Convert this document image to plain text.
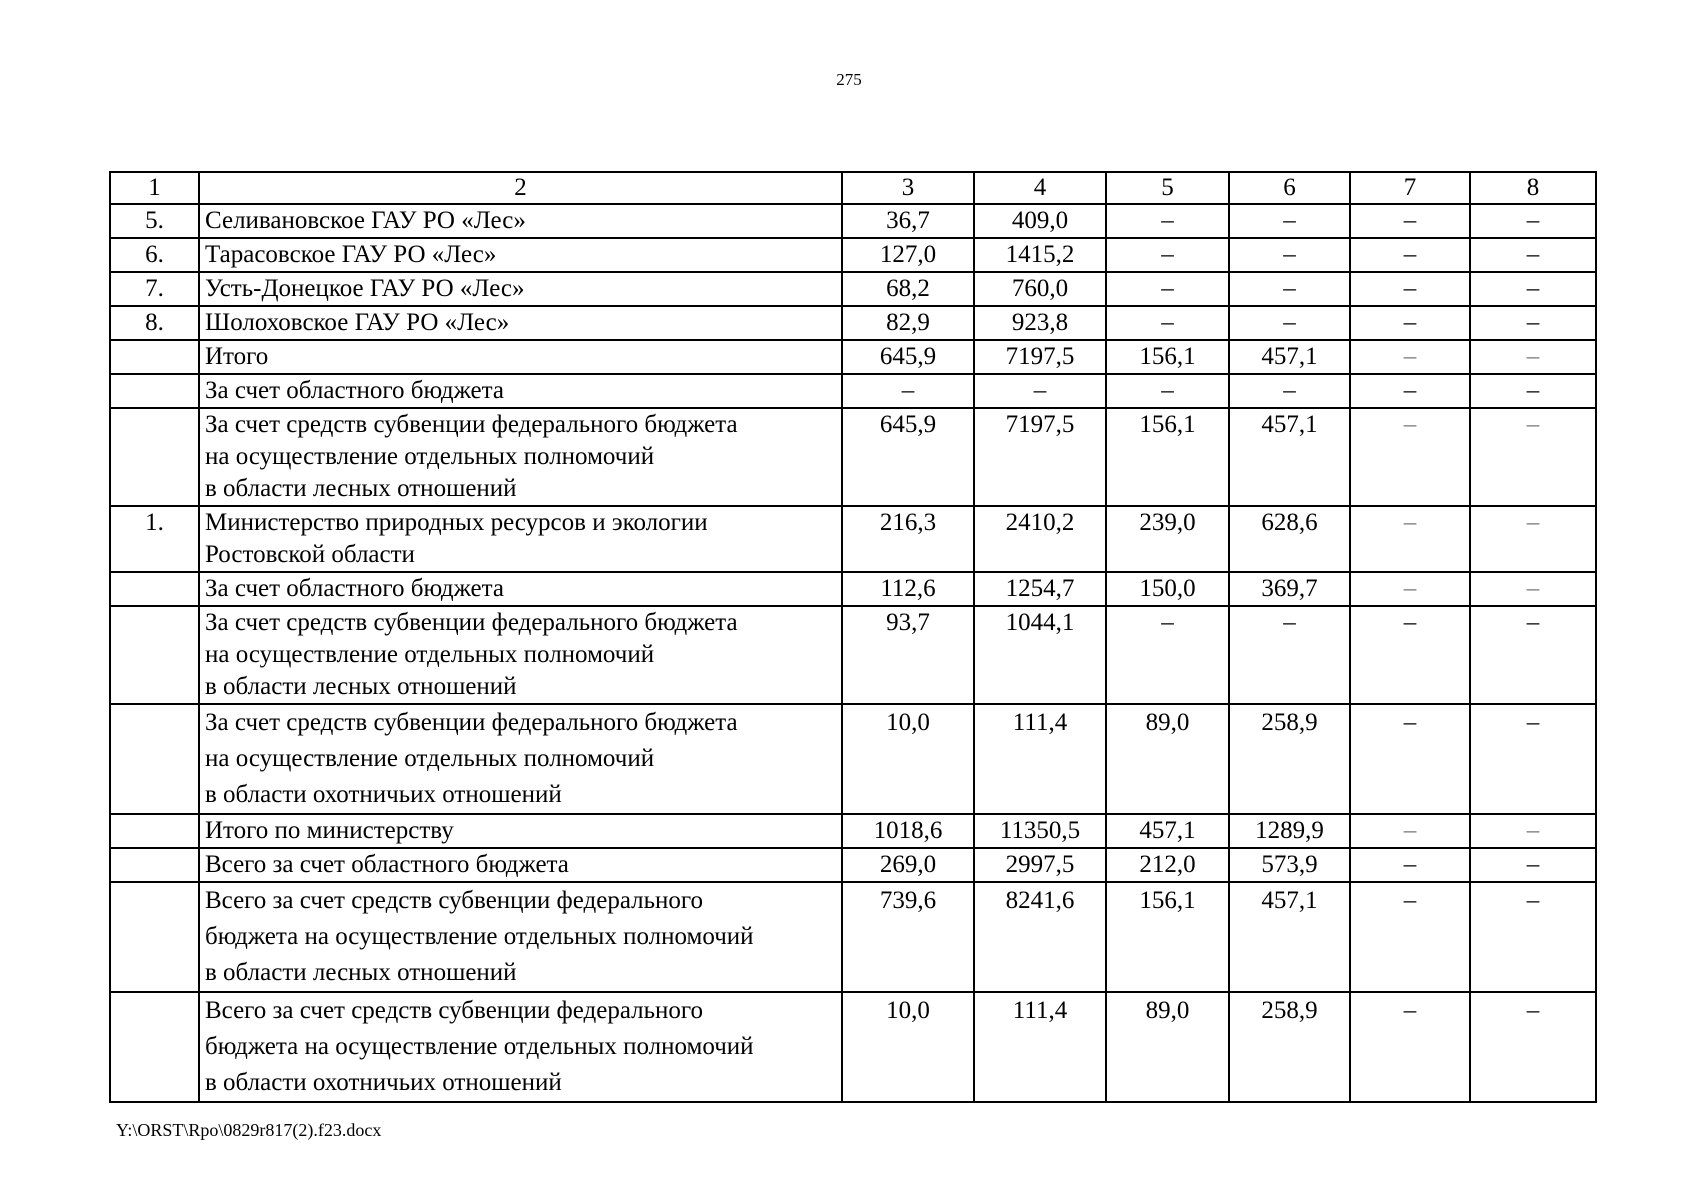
275
1	2	3	4	5	6	7	8
5.	Селивановское ГАУ РО «Лес»	36,7	409,0	–	–	–	–
6.	Тарасовское ГАУ РО «Лес»	127,0	1415,2	–	–	–	–
7.	Усть-Донецкое ГАУ РО «Лес»	68,2	760,0	–	–	–	–
8.	Шолоховское ГАУ РО «Лес»	82,9	923,8	–	–	–	–

	Итого	645,9	7197,5	156,1	457,1	–	–

	За счет областного бюджета	–	–	–	–	–	–

	За счет средств субвенции федерального бюджета
на осуществление отдельных полномочий
в области лесных отношений	645,9	7197,5	156,1	457,1	–	–
1.	Министерство природных ресурсов и экологии
Ростовской области	216,3	2410,2	239,0	628,6	–	–

	За счет областного бюджета	112,6	1254,7	150,0	369,7	–	–

	За счет средств субвенции федерального бюджета
на осуществление отдельных полномочий
в области лесных отношений	93,7	1044,1	–	–	–	–

	За счет средств субвенции федерального бюджета
на осуществление отдельных полномочий
в области охотничьих отношений	10,0	111,4	89,0	258,9	–	–

	Итого по министерству	1018,6	11350,5	457,1	1289,9	–	–

	Всего за счет областного бюджета	269,0	2997,5	212,0	573,9	–	–

	Всего за счет средств субвенции федерального
бюджета на осуществление отдельных полномочий
в области лесных отношений	739,6	8241,6	156,1	457,1	–	–

	Всего за счет средств субвенции федерального
бюджета на осуществление отдельных полномочий
в области охотничьих отношений	10,0	111,4	89,0	258,9	–	–
Y:\ORST\Rpo\0829r817(2).f23.docx
